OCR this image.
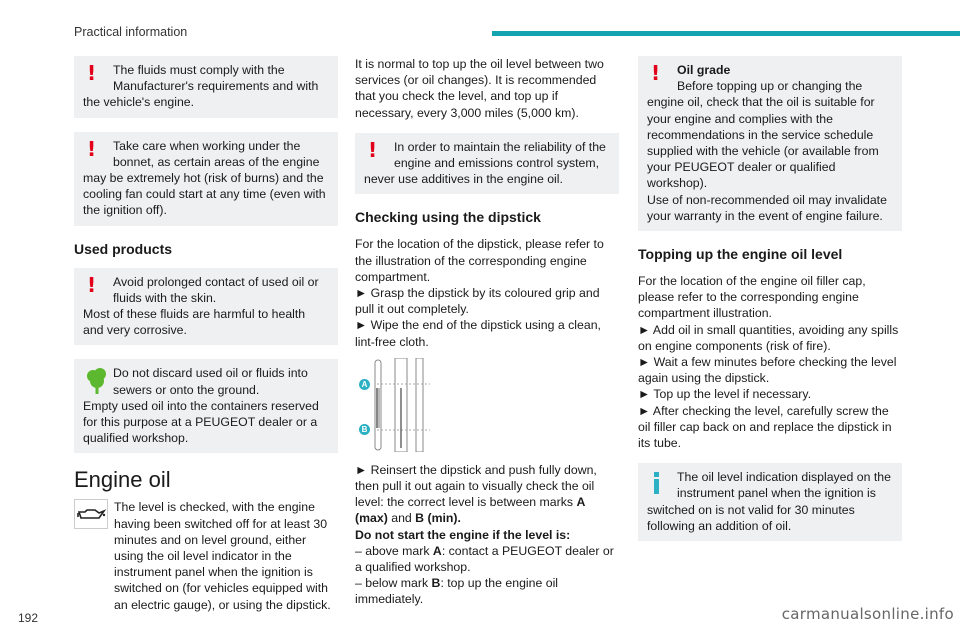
Practical information
! The fluids must comply with the Manufacturer's requirements and with

the vehicle's engine.

! Take care when working under the bonnet, as certain areas of the engine

may be extremely hot (risk of burns) and the cooling fan could start at any time (even with the ignition off).

Used products
! Avoid prolonged contact of used oil or fluids with the skin.

Most of these fluids are harmful to health and very corrosive.

Do not discard used oil or fluids into sewers or onto the ground.

Empty used oil into the containers reserved for this purpose at a PEUGEOT dealer or a qualified workshop.

Engine oil

The level is checked, with the engine having been switched off for at least 30 minutes and on level ground, either using the oil level indicator in the instrument panel when the ignition is switched on (for vehicles equipped with an electric gauge), or using the dipstick.

It is normal to top up the oil level between two services (or oil changes). It is recommended that you check the level, and top up if necessary, every 3,000 miles (5,000 km).

! In order to maintain the reliability of the engine and emissions control system,

never use additives in the engine oil.

Checking using the dipstick

For the location of the dipstick, please refer to the illustration of the corresponding engine compartment.

► Grasp the dipstick by its coloured grip and pull it out completely.

► Wipe the end of the dipstick using a clean, lint-free cloth.

A
B

► Reinsert the dipstick and push fully down, then pull it out again to visually check the oil level: the correct level is between marks A (max) and B (min).

Do not start the engine if the level is:

– above mark A: contact a PEUGEOT dealer or a qualified workshop.

– below mark B: top up the engine oil immediately.

! Oil grade
Before topping up or changing the

engine oil, check that the oil is suitable for your engine and complies with the recommendations in the service schedule supplied with the vehicle (or available from your PEUGEOT dealer or qualified workshop).

Use of non-recommended oil may invalidate your warranty in the event of engine failure.

Topping up the engine oil level

For the location of the engine oil filler cap, please refer to the corresponding engine compartment illustration.

► Add oil in small quantities, avoiding any spills on engine components (risk of fire).

► Wait a few minutes before checking the level again using the dipstick.

► Top up the level if necessary.

► After checking the level, carefully screw the oil filler cap back on and replace the dipstick in its tube.

The oil level indication displayed on the instrument panel when the ignition is

switched on is not valid for 30 minutes following an addition of oil.

192	carmanualsonline.info
